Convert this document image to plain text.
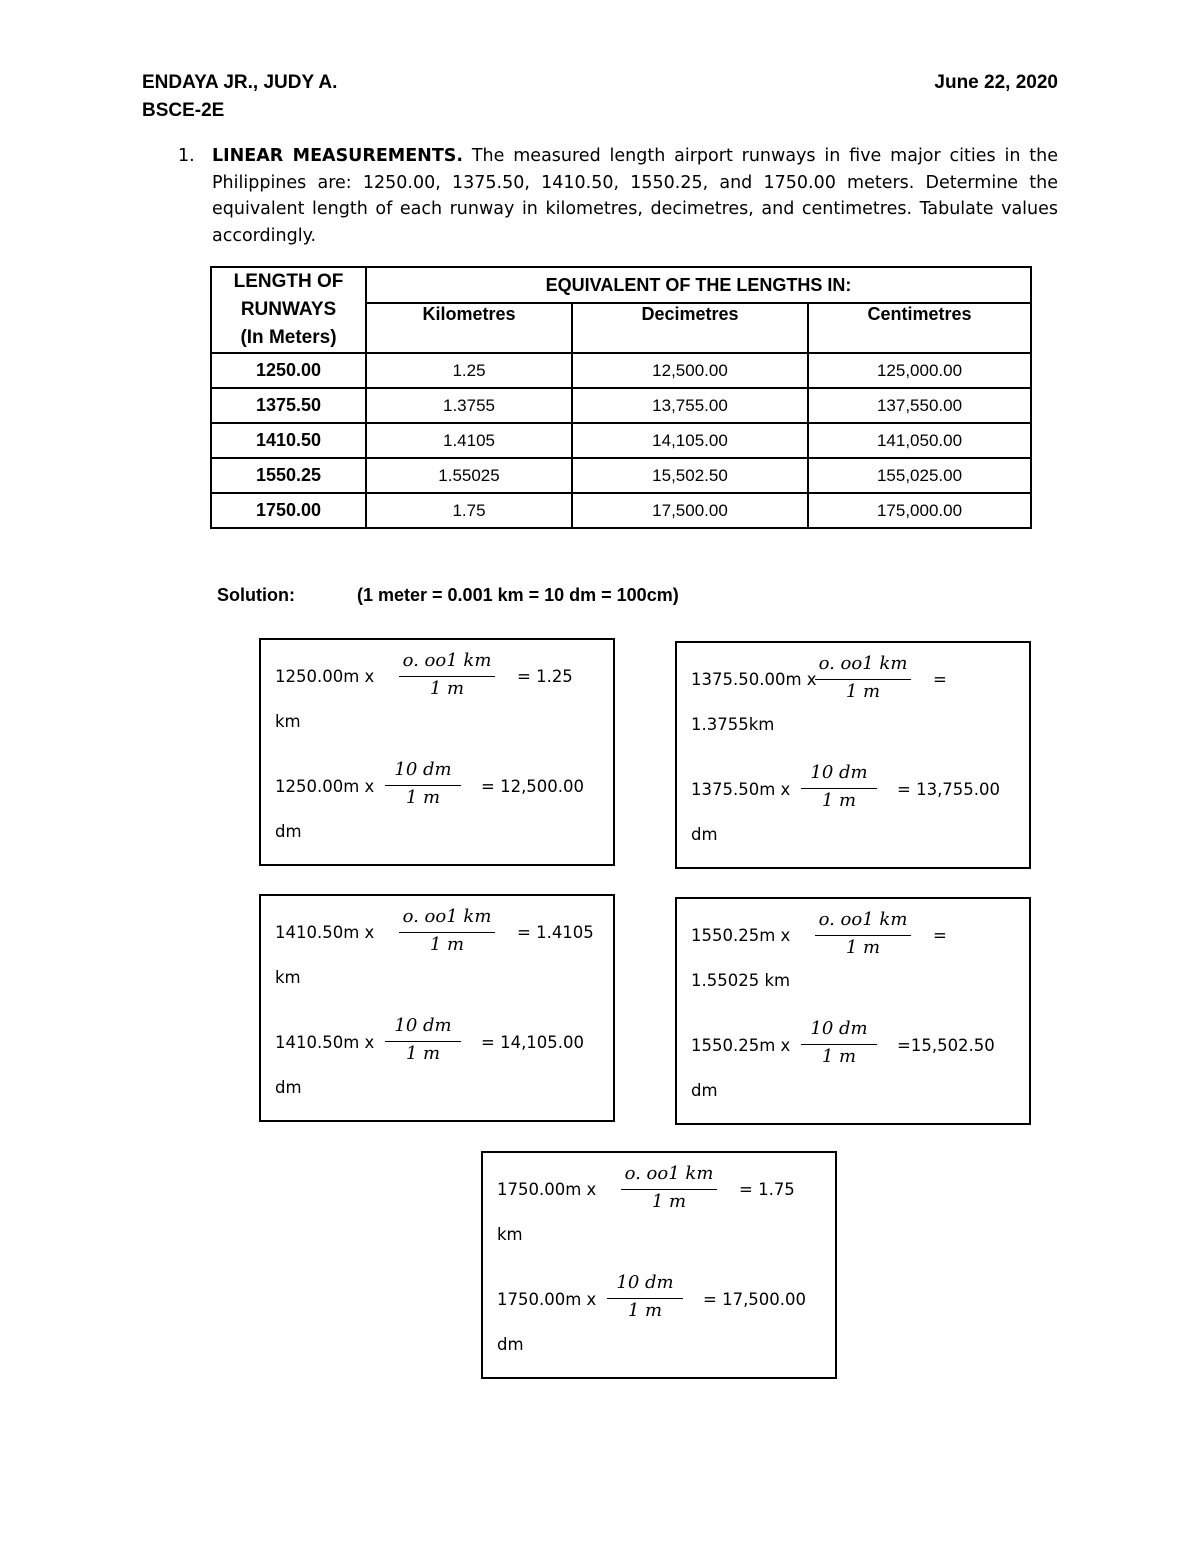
ENDAYA JR., JUDY A.
BSCE-2E
June 22, 2020
1. LINEAR MEASUREMENTS. The measured length airport runways in five major cities in the Philippines are: 1250.00, 1375.50, 1410.50, 1550.25, and 1750.00 meters. Determine the equivalent length of each runway in kilometres, decimetres, and centimetres. Tabulate values accordingly.
LENGTH OF
RUNWAYS
(In Meters)	EQUIVALENT OF THE LENGTHS IN:		
	Kilometres	Decimetres	Centimetres
1250.00	1.25	12,500.00	125,000.00
1375.50	1.3755	13,755.00	137,550.00
1410.50	1.4105	14,105.00	141,050.00
1550.25	1.55025	15,502.50	155,025.00
1750.00	1.75	17,500.00	175,000.00
Solution:	(1 meter = 0.001 km = 10 dm = 100cm)
1250.00m x
o. oo1 km
1 m
= 1.25
km
1250.00m x
10 dm
1 m
= 12,500.00
dm
1375.50.00m x
o. oo1 km
1 m
=
1.3755km
1375.50m x
10 dm
1 m
= 13,755.00
dm
1410.50m x
o. oo1 km
1 m
= 1.4105
km
1410.50m x
10 dm
1 m
= 14,105.00
dm
1550.25m x
o. oo1 km
1 m
=
1.55025 km
1550.25m x
10 dm
1 m
=15,502.50
dm
1750.00m x
o. oo1 km
1 m
= 1.75
km
1750.00m x
10 dm
1 m
= 17,500.00
dm
